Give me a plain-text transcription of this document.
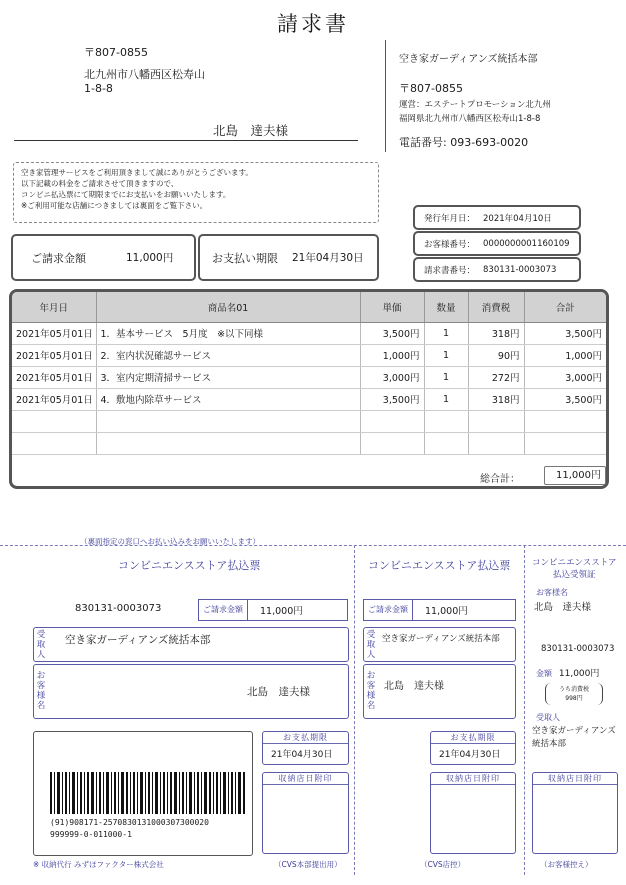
請求書
〒807-0855
北九州市八幡西区松寿山
1-8-8
北島　達夫様
空き家ガーディアンズ統括本部
〒807-0855
運営：エステートプロモーション北九州
福岡県北九州市八幡西区松寿山1-8-8
電話番号: 093-693-0020
空き家管理サービスをご利用頂きまして誠にありがとうございます。
以下記載の料金をご請求させて頂きますので、
コンビニ払込票にて期限までにお支払いをお願いいたします。
※ご利用可能な店舗につきましては裏面をご覧下さい。
発行年月日： 2021年04月10日
お客様番号： 0000000001160109
請求書番号： 830131-0003073
ご請求金額	11,000円	お支払い期限 21年04月30日
年月日	商品名01	単価	数量	消費税	合計
2021年05月01日	1．基本サービス　5月度　※以下同様	3,500円	1	318円	3,500円
2021年05月01日	2．室内状況確認サービス	1,000円	1	90円	1,000円
2021年05月01日	3．室内定期清掃サービス	3,000円	1	272円	3,000円
2021年05月01日	4．敷地内除草サービス	3,500円	1	318円	3,500円

総合計：	11,000円
（裏面指定の窓口へお払い込みをお願いいたします）
コンビニエンスストア払込票
830131-0003073	ご請求金額	11,000円
受取人
空き家ガーディアンズ統括本部
お客様名
北島　達夫様
(91)908171-257083013100030730002​0
999999-0-011000-1
※ 収納代行 みずほファクター株式会社
お支払期限
21年04月30日
収納店日附印
（CVS本部提出用）
コンビニエンスストア払込票
ご請求金額	11,000円
受取人
空き家ガーディアンズ統括本部
お客様名
北島　達夫様
お支払期限
21年04月30日
収納店日附印
（CVS店控）
コンビニエンスストア
払込受領証
お客様名
北島　達夫様
830131-0003073
金額 11,000円
うち消費税
998円
受取人
空き家ガーディアンズ
統括本部
収納店日附印
（お客様控え）
